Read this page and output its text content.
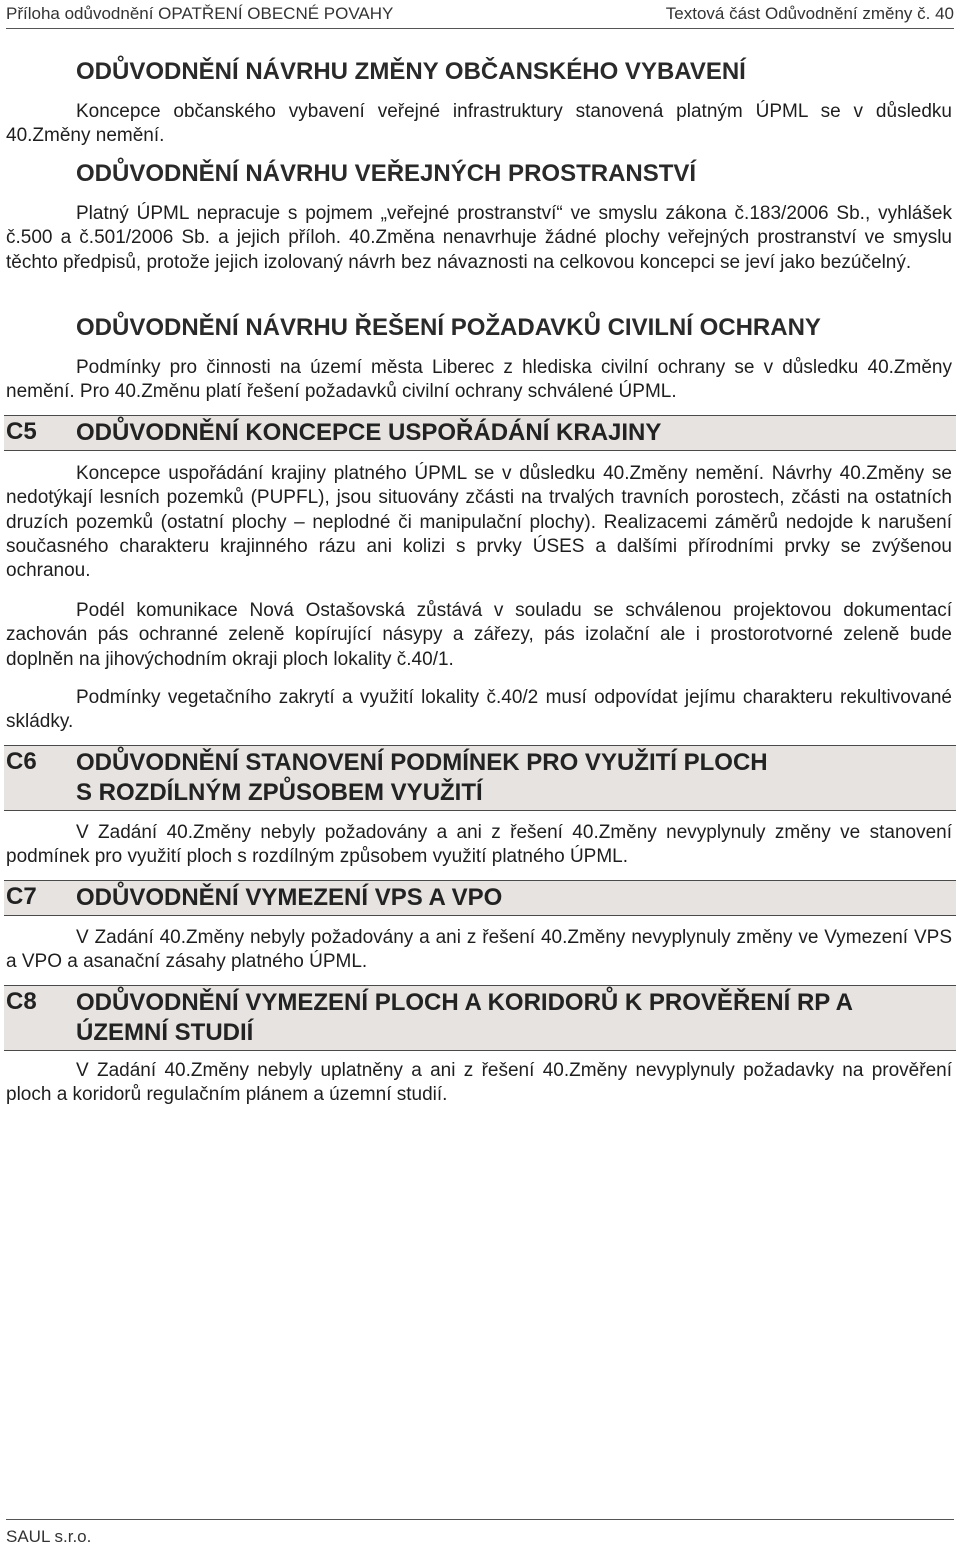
Příloha odůvodnění OPATŘENÍ OBECNÉ POVAHY	Textová část Odůvodnění změny č. 40
ODŮVODNĚNÍ NÁVRHU ZMĚNY OBČANSKÉHO VYBAVENÍ

Koncepce občanského vybavení veřejné infrastruktury stanovená platným ÚPML se v důsledku 40.Změny nemění.

ODŮVODNĚNÍ NÁVRHU VEŘEJNÝCH PROSTRANSTVÍ

Platný ÚPML nepracuje s pojmem „veřejné prostranství“ ve smyslu zákona č.183/2006 Sb., vyhlášek č.500 a č.501/2006 Sb. a jejich příloh. 40.Změna nenavrhuje žádné plochy veřejných prostranství ve smyslu těchto předpisů, protože jejich izolovaný návrh bez návaznosti na celkovou koncepci se jeví jako bezúčelný.

ODŮVODNĚNÍ NÁVRHU ŘEŠENÍ POŽADAVKŮ CIVILNÍ OCHRANY

Podmínky pro činnosti na území města Liberec z hlediska civilní ochrany se v důsledku 40.Změny nemění. Pro 40.Změnu platí řešení požadavků civilní ochrany schválené ÚPML.

C5 ODŮVODNĚNÍ KONCEPCE USPOŘÁDÁNÍ KRAJINY

Koncepce uspořádání krajiny platného ÚPML se v důsledku 40.Změny nemění. Návrhy 40.Změny se nedotýkají lesních pozemků (PUPFL), jsou situovány zčásti na trvalých travních porostech, zčásti na ostatních druzích pozemků (ostatní plochy – neplodné či manipulační plochy). Realizacemi záměrů nedojde k narušení současného charakteru krajinného rázu ani kolizi s prvky ÚSES a dalšími přírodními prvky se zvýšenou ochranou.

Podél komunikace Nová Ostašovská zůstává v souladu se schválenou projektovou dokumentací zachován pás ochranné zeleně kopírující násypy a zářezy, pás izolační ale i prostorotvorné zeleně bude doplněn na jihovýchodním okraji ploch lokality č.40/1.

Podmínky vegetačního zakrytí a využití lokality č.40/2 musí odpovídat jejímu charakteru rekultivované skládky.

C6 ODŮVODNĚNÍ STANOVENÍ PODMÍNEK PRO VYUŽITÍ PLOCH
S ROZDÍLNÝM ZPŮSOBEM VYUŽITÍ

V Zadání 40.Změny nebyly požadovány a ani z řešení 40.Změny nevyplynuly změny ve stanovení podmínek pro využití ploch s rozdílným způsobem využití platného ÚPML.

C7 ODŮVODNĚNÍ VYMEZENÍ VPS A VPO

V Zadání 40.Změny nebyly požadovány a ani z řešení 40.Změny nevyplynuly změny ve Vymezení VPS a VPO a asanační zásahy platného ÚPML.

C8 ODŮVODNĚNÍ VYMEZENÍ PLOCH A KORIDORŮ K PROVĚŘENÍ RP A
ÚZEMNÍ STUDIÍ

V Zadání 40.Změny nebyly uplatněny a ani z řešení 40.Změny nevyplynuly požadavky na prověření ploch a koridorů regulačním plánem a územní studií.

SAUL s.r.o.
